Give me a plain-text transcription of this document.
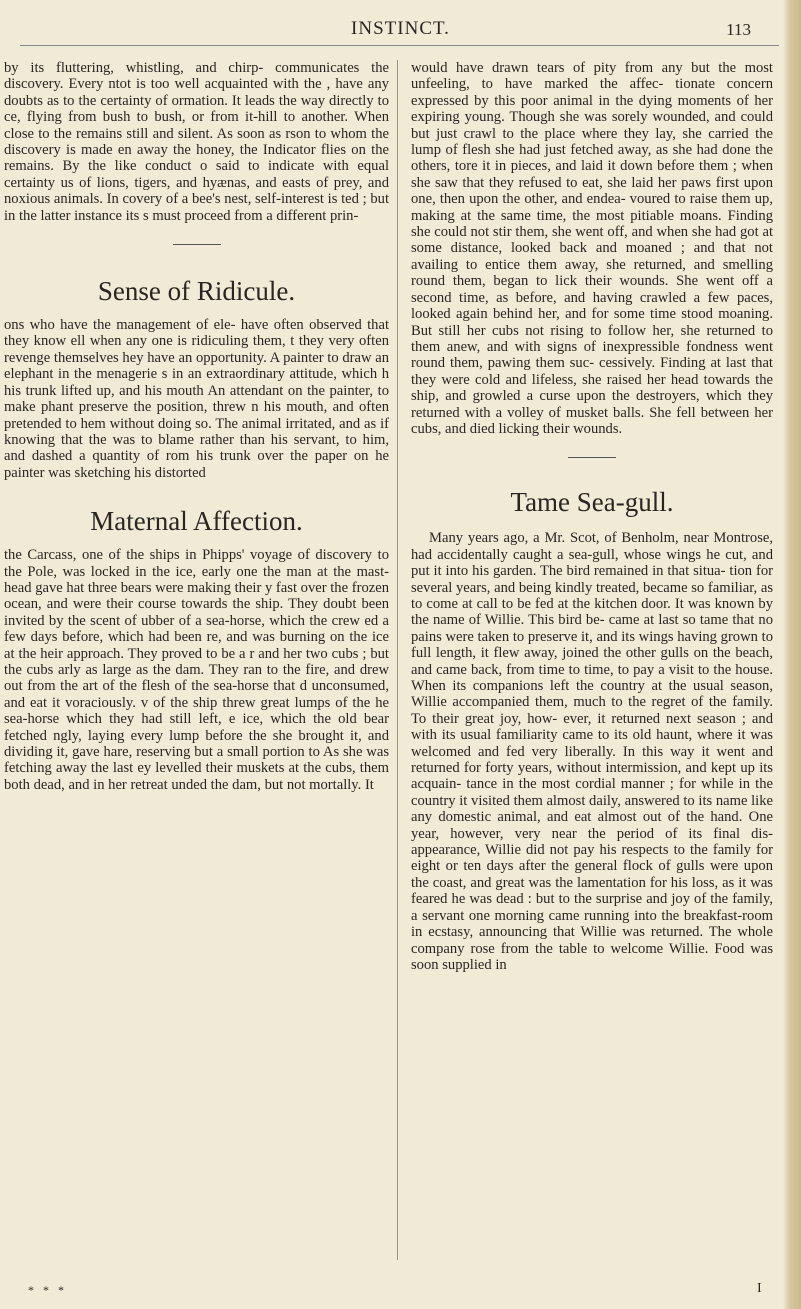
INSTINCT.	113

by its fluttering, whistling, and chirp- communicates the discovery. Every ntot is too well acquainted with the , have any doubts as to the certainty of ormation. It leads the way directly to ce, flying from bush to bush, or from it-hill to another. When close to the remains still and silent. As soon as rson to whom the discovery is made en away the honey, the Indicator flies on the remains. By the like conduct o said to indicate with equal certainty us of lions, tigers, and hyænas, and easts of prey, and noxious animals. In covery of a bee's nest, self-interest is ted ; but in the latter instance its s must proceed from a different prin-

Sense of Ridicule.

ons who have the management of ele- have often observed that they know ell when any one is ridiculing them, t they very often revenge themselves hey have an opportunity. A painter to draw an elephant in the menagerie s in an extraordinary attitude, which h his trunk lifted up, and his mouth An attendant on the painter, to make phant preserve the position, threw n his mouth, and often pretended to hem without doing so. The animal irritated, and as if knowing that the was to blame rather than his servant, to him, and dashed a quantity of rom his trunk over the paper on he painter was sketching his distorted

Maternal Affection.

the Carcass, one of the ships in Phipps' voyage of discovery to the Pole, was locked in the ice, early one the man at the mast-head gave hat three bears were making their y fast over the frozen ocean, and were their course towards the ship. They doubt been invited by the scent of ubber of a sea-horse, which the crew ed a few days before, which had been re, and was burning on the ice at the heir approach. They proved to be a r and her two cubs ; but the cubs arly as large as the dam. They ran to the fire, and drew out from the art of the flesh of the sea-horse that d unconsumed, and eat it voraciously. v of the ship threw great lumps of the he sea-horse which they had still left, e ice, which the old bear fetched ngly, laying every lump before the she brought it, and dividing it, gave hare, reserving but a small portion to As she was fetching away the last ey levelled their muskets at the cubs, them both dead, and in her retreat unded the dam, but not mortally. It

would have drawn tears of pity from any but the most unfeeling, to have marked the affec- tionate concern expressed by this poor animal in the dying moments of her expiring young. Though she was sorely wounded, and could but just crawl to the place where they lay, she carried the lump of flesh she had just fetched away, as she had done the others, tore it in pieces, and laid it down before them ; when she saw that they refused to eat, she laid her paws first upon one, then upon the other, and endea- voured to raise them up, making at the same time, the most pitiable moans. Finding she could not stir them, she went off, and when she had got at some distance, looked back and moaned ; and that not availing to entice them away, she returned, and smelling round them, began to lick their wounds. She went off a second time, as before, and having crawled a few paces, looked again behind her, and for some time stood moaning. But still her cubs not rising to follow her, she returned to them anew, and with signs of inexpressible fondness went round them, pawing them suc- cessively. Finding at last that they were cold and lifeless, she raised her head towards the ship, and growled a curse upon the destroyers, which they returned with a volley of musket balls. She fell between her cubs, and died licking their wounds.

Tame Sea-gull.

Many years ago, a Mr. Scot, of Benholm, near Montrose, had accidentally caught a sea-gull, whose wings he cut, and put it into his garden. The bird remained in that situa- tion for several years, and being kindly treated, became so familiar, as to come at call to be fed at the kitchen door. It was known by the name of Willie. This bird be- came at last so tame that no pains were taken to preserve it, and its wings having grown to full length, it flew away, joined the other gulls on the beach, and came back, from time to time, to pay a visit to the house. When its companions left the country at the usual season, Willie accompanied them, much to the regret of the family. To their great joy, how- ever, it returned next season ; and with its usual familiarity came to its old haunt, where it was welcomed and fed very liberally. In this way it went and returned for forty years, without intermission, and kept up its acquain- tance in the most cordial manner ; for while in the country it visited them almost daily, answered to its name like any domestic animal, and eat almost out of the hand. One year, however, very near the period of its final dis- appearance, Willie did not pay his respects to the family for eight or ten days after the general flock of gulls were upon the coast, and great was the lamentation for his loss, as it was feared he was dead : but to the surprise and joy of the family, a servant one morning came running into the breakfast-room in ecstasy, announcing that Willie was returned. The whole company rose from the table to welcome Willie. Food was soon supplied in

* * *	I
